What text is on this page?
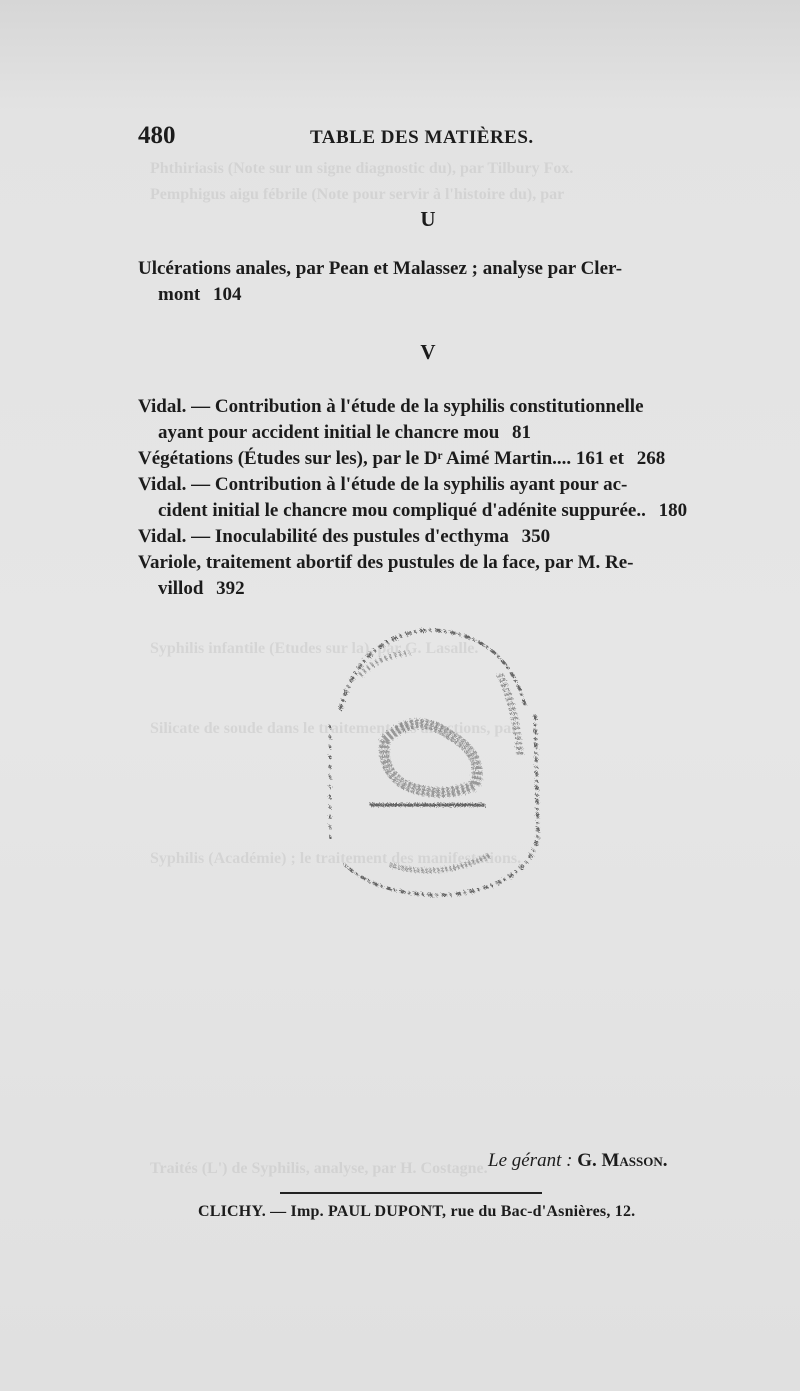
Phthiriasis (Note sur un signe diagnostic du), par Tilbury Fox.
Pemphigus aigu fébrile (Note pour servir à l'histoire du), par
Syphilis infantile (Etudes sur la), par G. Lasalle.
Silicate de soude dans le traitement des affections, par
Syphilis (Académie) ; le traitement des manifestations.
Traités (L') de Syphilis, analyse, par H. Costagne.
480	TABLE DES MATIÈRES.
U
Ulcérations anales, par Pean et Malassez ; analyse par Cler-
mont 104
V
Vidal. — Contribution à l'étude de la syphilis constitutionnelle
ayant pour accident initial le chancre mou 81
Végétations (Études sur les), par le Dʳ Aimé Martin.... 161 et 268
Vidal. — Contribution à l'étude de la syphilis ayant pour ac-
cident initial le chancre mou compliqué d'adénite suppurée.. 180
Vidal. — Inoculabilité des pustules d'ecthyma 350
Variole, traitement abortif des pustules de la face, par M. Re-
villod 392
Le gérant : G. Masson.
CLICHY. — Imp. PAUL DUPONT, rue du Bac-d'Asnières, 12.
